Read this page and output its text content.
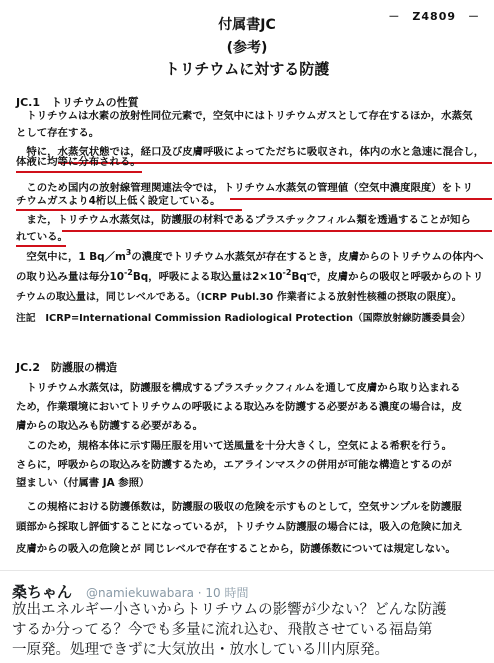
－　Z4809　－
付属書JC
(参考)
トリチウムに対する防護
JC.1　トリチウムの性質
　トリチウムは水素の放射性同位元素で，空気中にはトリチウムガスとして存在するほか，水蒸気
として存在する。
　特に，水蒸気状態では，経口及び皮膚呼吸によってただちに吸収され，体内の水と急速に混合し，
体液に均等に分布される。
　このため国内の放射線管理関連法令では，トリチウム水蒸気の管理値（空気中濃度限度）をトリ
チウムガスより4桁以上低く設定している。
　また，トリチウム水蒸気は，防護服の材料であるプラスチックフィルム類を透過することが知ら
れている。
　空気中に，1 $Bq/m^3$の濃度でトリチウム水蒸気が存在するとき，皮膚からのトリチウムの体内へ
の取り込み量は毎分$10^{-2}Bq$，呼吸による取込量は$2\times 10^{-2}Bq$で，皮膚からの吸収と呼吸からのトリ
チウムの取込量は，同じレベルである。（ICRP Publ.30 作業者による放射性核種の摂取の限度）。
注記　ICRP=International Commission Radiological Protection（国際放射線防護委員会）
JC.2　防護服の構造
　トリチウム水蒸気は，防護服を構成するプラスチックフィルムを通して皮膚から取り込まれる
ため，作業環境においてトリチウムの呼吸による取込みを防護する必要がある濃度の場合は，皮
膚からの取込みも防護する必要がある。
　このため，規格本体に示す陽圧服を用いて送風量を十分大きくし，空気による希釈を行う。
さらに，呼吸からの取込みを防護するため，エアラインマスクの併用が可能な構造とするのが
望ましい（付属書 JA 参照）
　この規格における防護係数は，防護服の吸収の危険を示すものとして，空気サンプルを防護服
頭部から採取し評価することになっているが，トリチウム防護服の場合には，吸入の危険に加え
皮膚からの吸入の危険とが 同じレベルで存在することから，防護係数については規定しない。
桑ちゃん @namiekuwabara · 10 時間
放出エネルギー小さいからトリチウムの影響が少ない？どんな防護
するか分ってる？今でも多量に流れ込む、飛散させている福島第
一原発。処理できずに大気放出・放水している川内原発。
